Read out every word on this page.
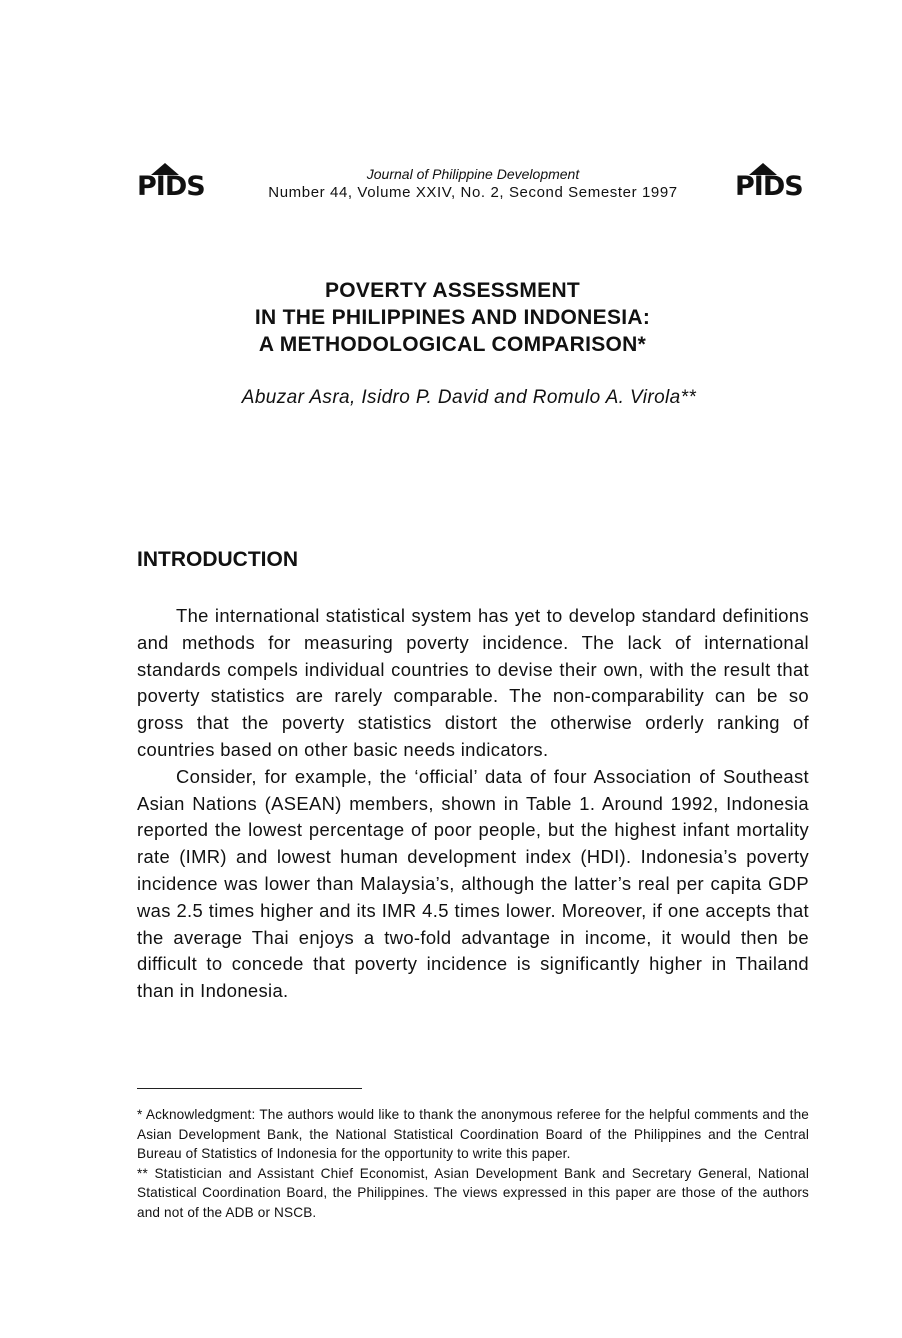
PIDS	Journal of Philippine Development
Number 44, Volume XXIV, No. 2, Second Semester 1997	PIDS
POVERTY ASSESSMENT
IN THE PHILIPPINES AND INDONESIA:
A METHODOLOGICAL COMPARISON*
Abuzar Asra, Isidro P. David and Romulo A. Virola**
INTRODUCTION

The international statistical system has yet to develop standard definitions and methods for measuring poverty incidence. The lack of international standards compels individual countries to devise their own, with the result that poverty statistics are rarely comparable. The non-comparability can be so gross that the poverty statistics distort the otherwise orderly ranking of countries based on other basic needs indicators.

Consider, for example, the ‘official’ data of four Association of Southeast Asian Nations (ASEAN) members, shown in Table 1. Around 1992, Indonesia reported the lowest percentage of poor people, but the highest infant mortality rate (IMR) and lowest human development index (HDI). Indonesia’s poverty incidence was lower than Malaysia’s, although the latter’s real per capita GDP was 2.5 times higher and its IMR 4.5 times lower. Moreover, if one accepts that the average Thai enjoys a two-fold advantage in income, it would then be difficult to concede that poverty incidence is significantly higher in Thailand than in Indonesia.

* Acknowledgment: The authors would like to thank the anonymous referee for the helpful comments and the Asian Development Bank, the National Statistical Coordination Board of the Philippines and the Central Bureau of Statistics of Indonesia for the opportunity to write this paper.

** Statistician and Assistant Chief Economist, Asian Development Bank and Secretary General, National Statistical Coordination Board, the Philippines. The views expressed in this paper are those of the authors and not of the ADB or NSCB.
